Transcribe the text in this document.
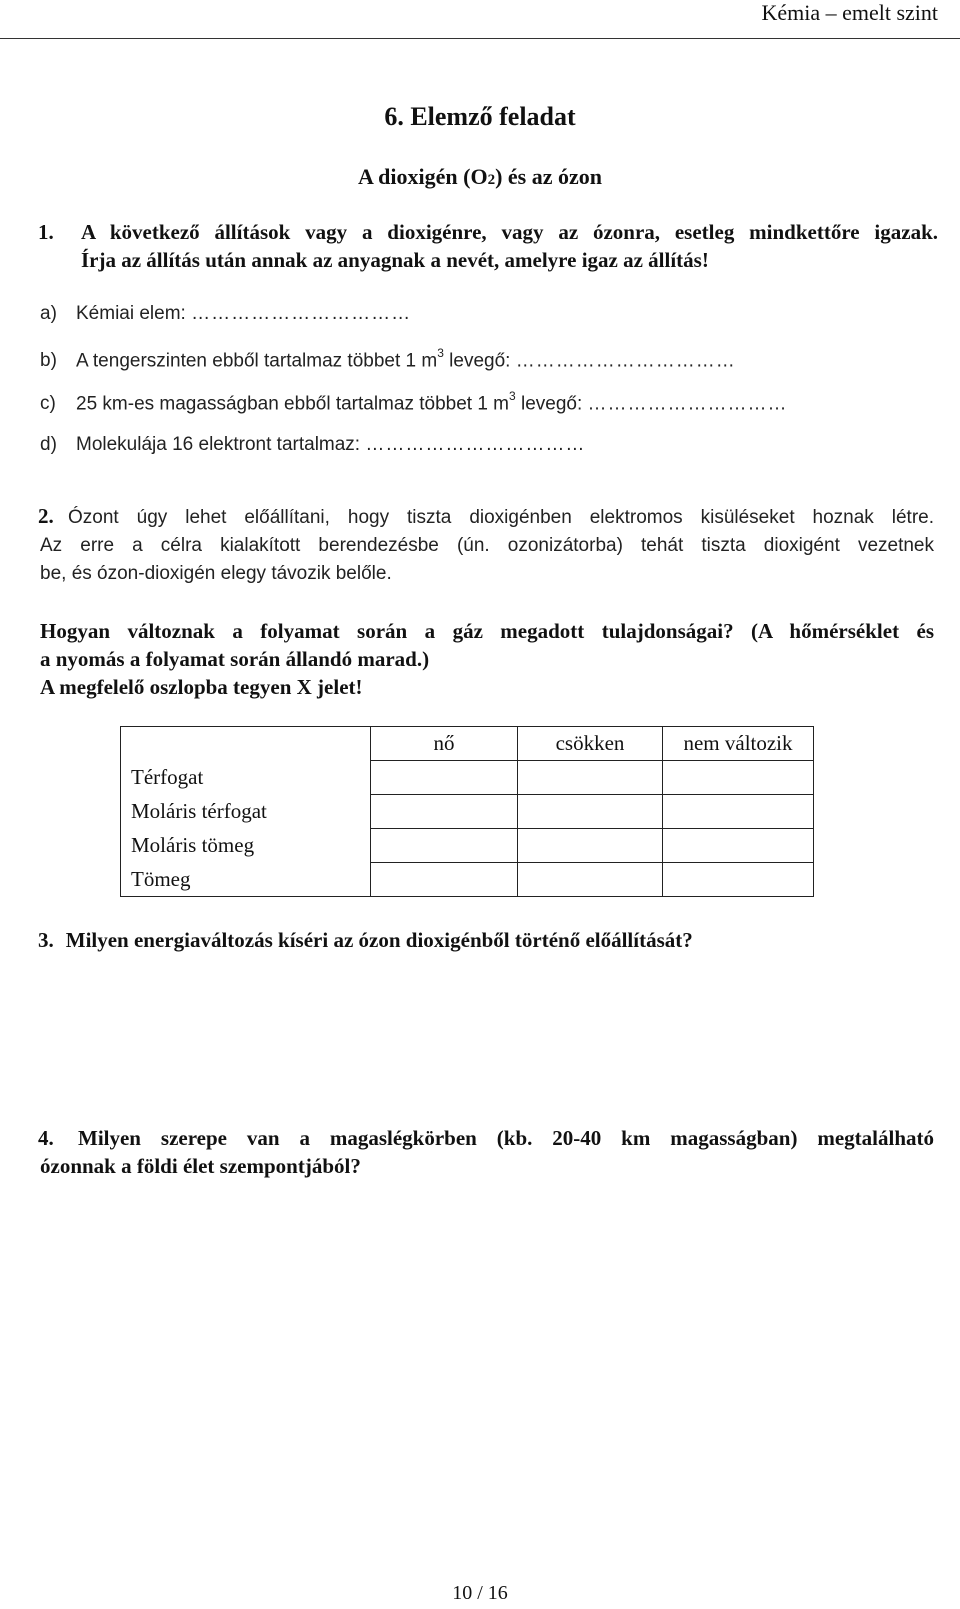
Kémia – emelt szint
6. Elemző feladat
A dioxigén (O2) és az ózon
1.	A következő állítások vagy a dioxigénre, vagy az ózonra, esetleg mindkettőre igazak.
Írja az állítás után annak az anyagnak a nevét, amelyre igaz az állítás!
a) Kémiai elem: ……………………………
b) A tengerszinten ebből tartalmaz többet 1 $m^3$ levegő: ……………………………
c) 25 km-es magasságban ebből tartalmaz többet 1 $m^3$ levegő: …………………………
d) Molekulája 16 elektront tartalmaz: ……………………………
2. Ózont úgy lehet előállítani, hogy tiszta dioxigénben elektromos kisüléseket hoznak létre.
Az erre a célra kialakított berendezésbe (ún. ozonizátorba) tehát tiszta dioxigént vezetnek
be, és ózon-dioxigén elegy távozik belőle.
Hogyan változnak a folyamat során a gáz megadott tulajdonságai? (A hőmérséklet és
a nyomás a folyamat során állandó marad.)
A megfelelő oszlopba tegyen X jelet!
	nő	csökken	nem változik
Térfogat			
Moláris térfogat			
Moláris tömeg			
Tömeg			
3. Milyen energiaváltozás kíséri az ózon dioxigénből történő előállítását?
4. Milyen szerepe van a magaslégkörben (kb. 20-40 km magasságban) megtalálható
ózonnak a földi élet szempontjából?
10 / 16
